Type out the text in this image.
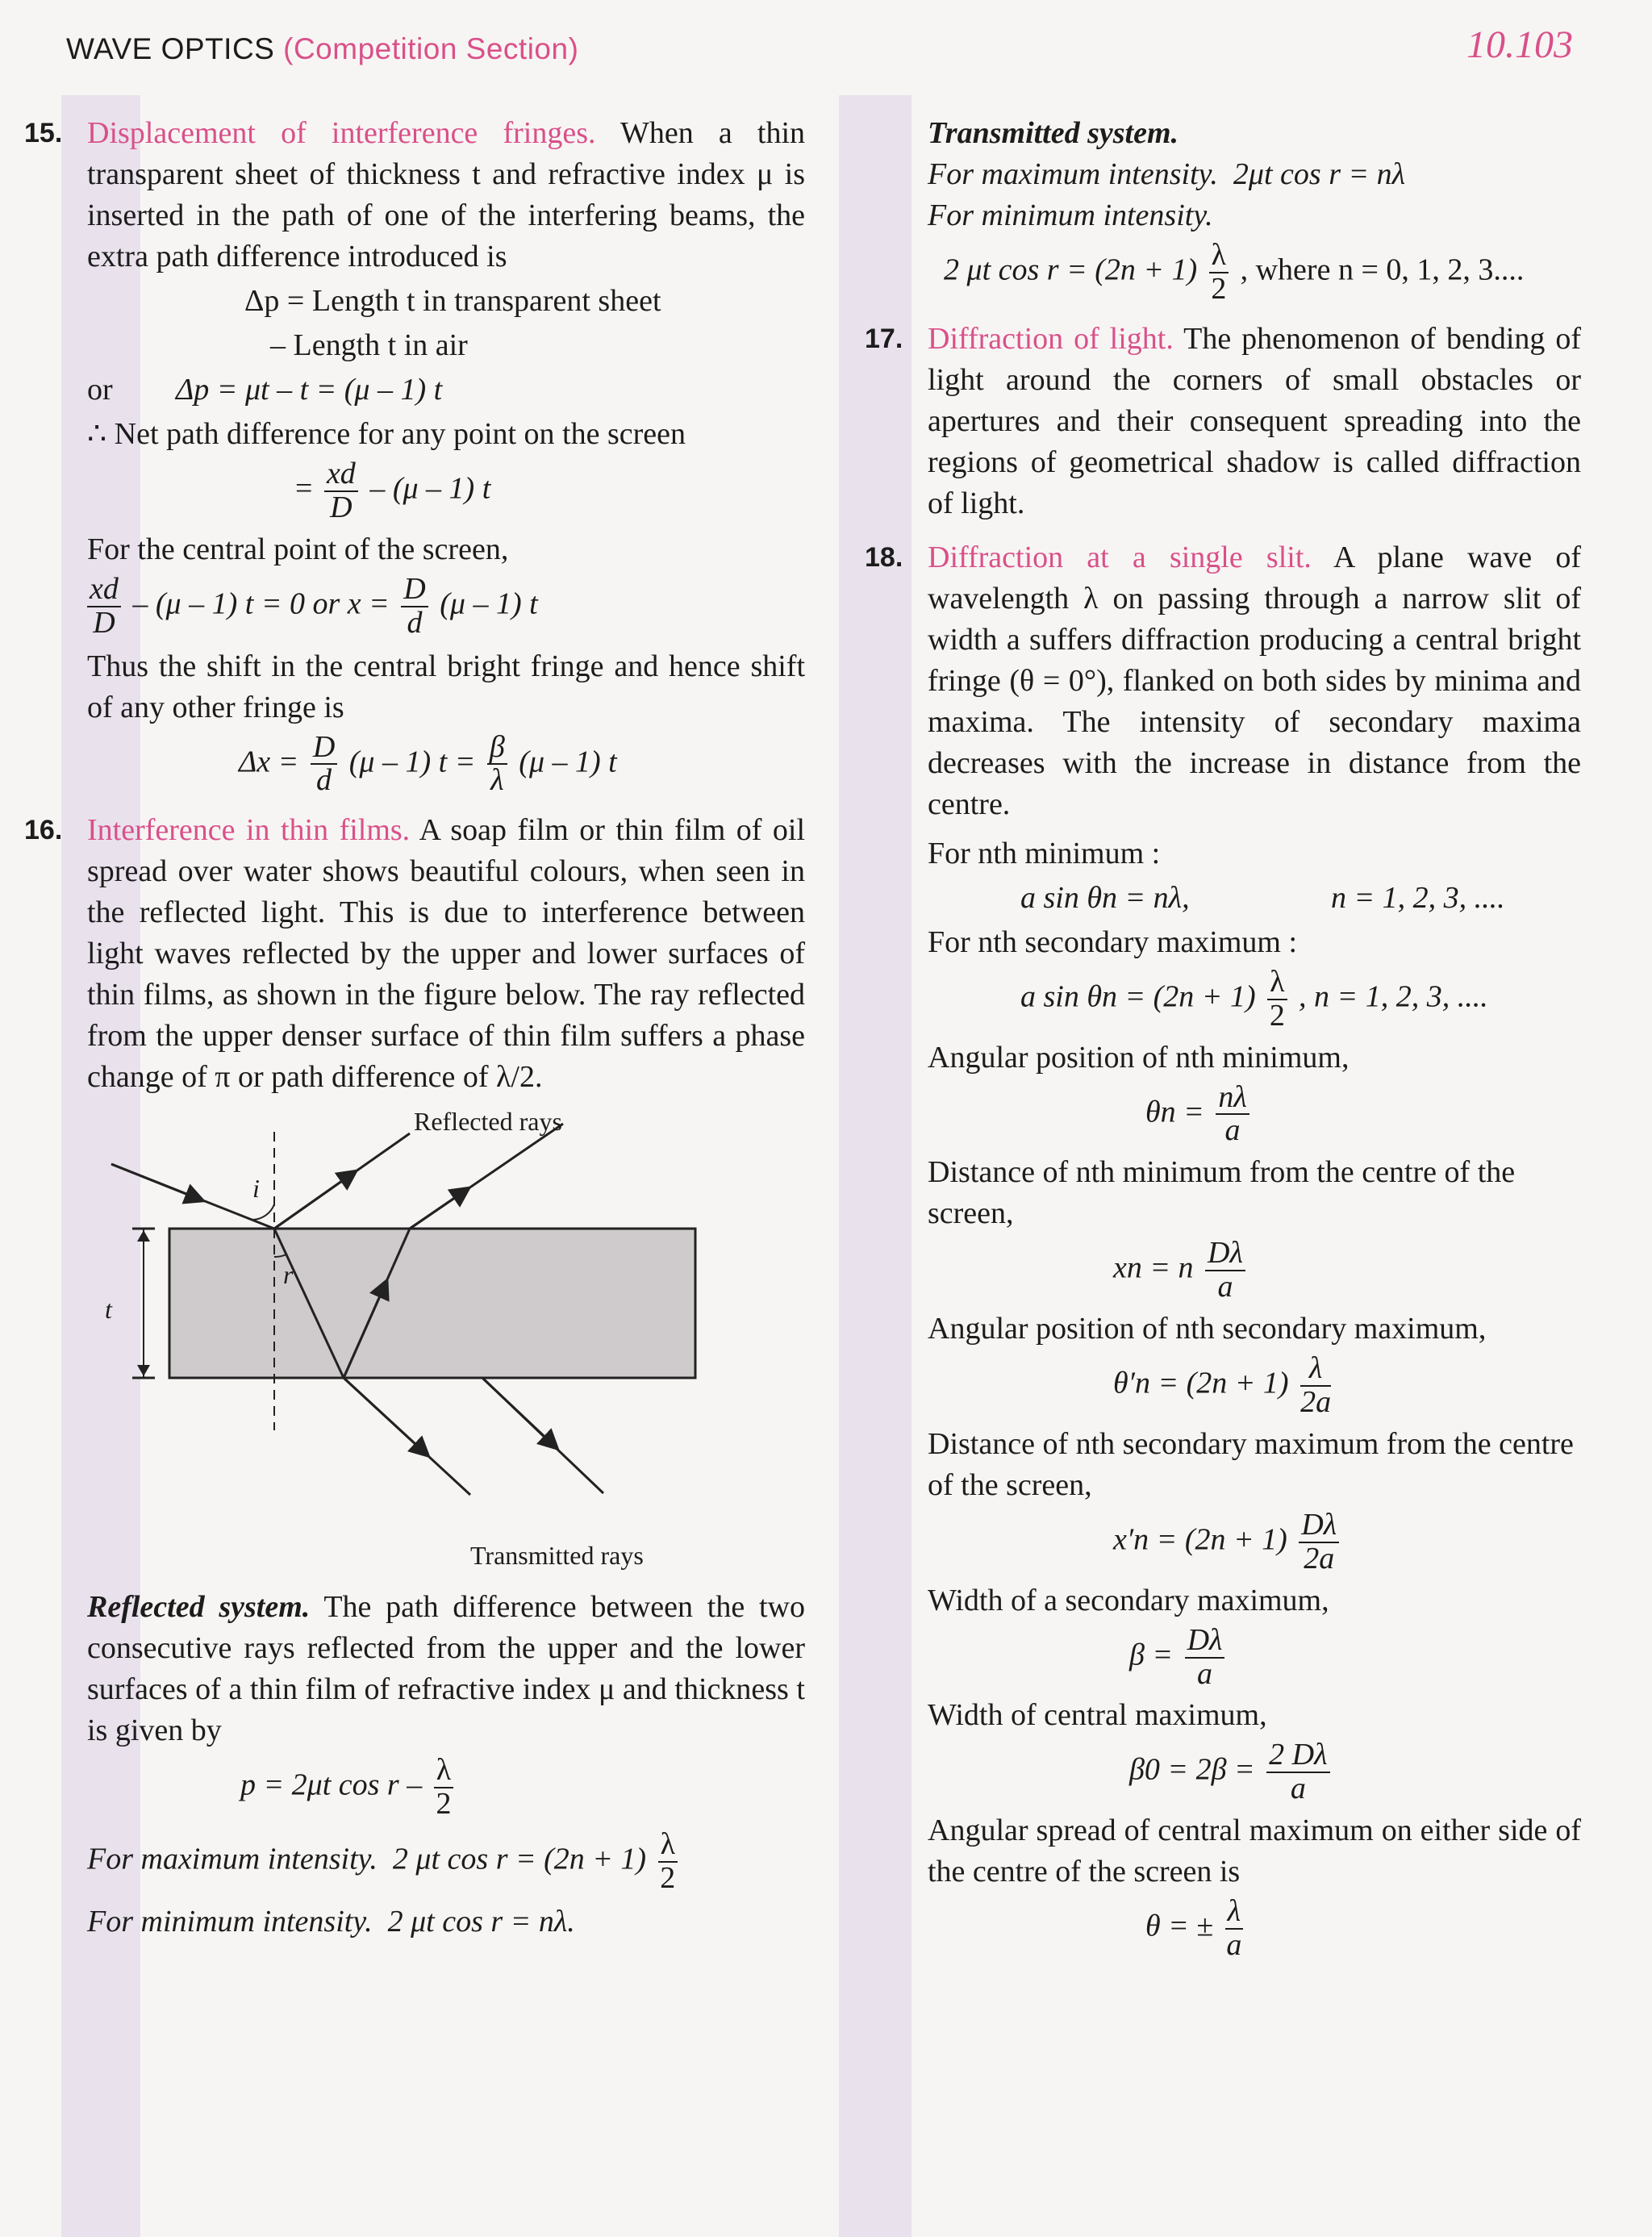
WAVE OPTICS (Competition Section)	10.103
15. Displacement of interference fringes. When a thin transparent sheet of thickness t and refractive index μ is inserted in the path of one of the interfering beams, the extra path difference introduced is
Δp = Length t in transparent sheet
– Length t in air
or Δp = μt – t = (μ – 1) t

∴ Net path difference for any point on the screen

= $\frac{xd}{D} - (\mu - 1)$ t

For the central point of the screen,

$\frac{xd}{D} - (\mu - 1) t = 0$ or $x = \frac{D}{d} (\mu - 1)$ t

Thus the shift in the central bright fringe and hence shift of any other fringe is

$\Delta x = \frac{D}{d} (\mu - 1) t = \frac{\beta}{\lambda} (\mu - 1)$ t
16. Interference in thin films. A soap film or thin film of oil spread over water shows beautiful colours, when seen in the reflected light. This is due to interference between light waves reflected by the upper and lower surfaces of thin films, as shown in the figure below. The ray reflected from the upper denser surface of thin film suffers a phase change of π or path difference of λ/2.
Reflected rays
Transmitted rays
i
r
t

Reflected system. The path difference between the two consecutive rays reflected from the upper and the lower surfaces of a thin film of refractive index μ and thickness t is given by

p = 2μt cos r – $\frac{\lambda}{2}$
For maximum intensity. 2 μt $\cos r = (2n + 1) \frac{\lambda}{2}$
For minimum intensity. 2 μt cos r = nλ.

Transmitted system.

For maximum intensity. 2μt cos r = nλ

For minimum intensity.

2 μt $\cos r = (2n + 1) \frac{\lambda}{2}$ , where n = 0, 1, 2, 3....
17. Diffraction of light. The phenomenon of bending of light around the corners of small obstacles or apertures and their consequent spreading into the regions of geometrical shadow is called diffraction of light.
18. Diffraction at a single slit. A plane wave of wavelength λ on passing through a narrow slit of width a suffers diffraction producing a central bright fringe (θ = 0°), flanked on both sides by minima and maxima. The intensity of secondary maxima decreases with the increase in distance from the centre.

For nth minimum :

a sin θn = nλ,	n = 1, 2, 3, ....

For nth secondary maximum :

a $\sin \theta n = (2n + 1) \frac{\lambda}{2}$ , n = 1, 2, 3, ....

Angular position of nth minimum,

$\theta n = \frac{n\lambda}{a}$

Distance of nth minimum from the centre of the screen,

xn = n $\frac{D\lambda}{a}$

Angular position of nth secondary maximum,

$\theta'n = (2n + 1) \frac{\lambda}{2a}$

Distance of nth secondary maximum from the centre of the screen,

$x'n = (2n + 1) \frac{D\lambda}{2a}$

Width of a secondary maximum,

$\beta = \frac{D\lambda}{a}$

Width of central maximum,

$\beta 0 = 2\beta = \frac{2 D\lambda}{a}$

Angular spread of central maximum on either side of the centre of the screen is

θ = ± $\frac{\lambda}{a}$
